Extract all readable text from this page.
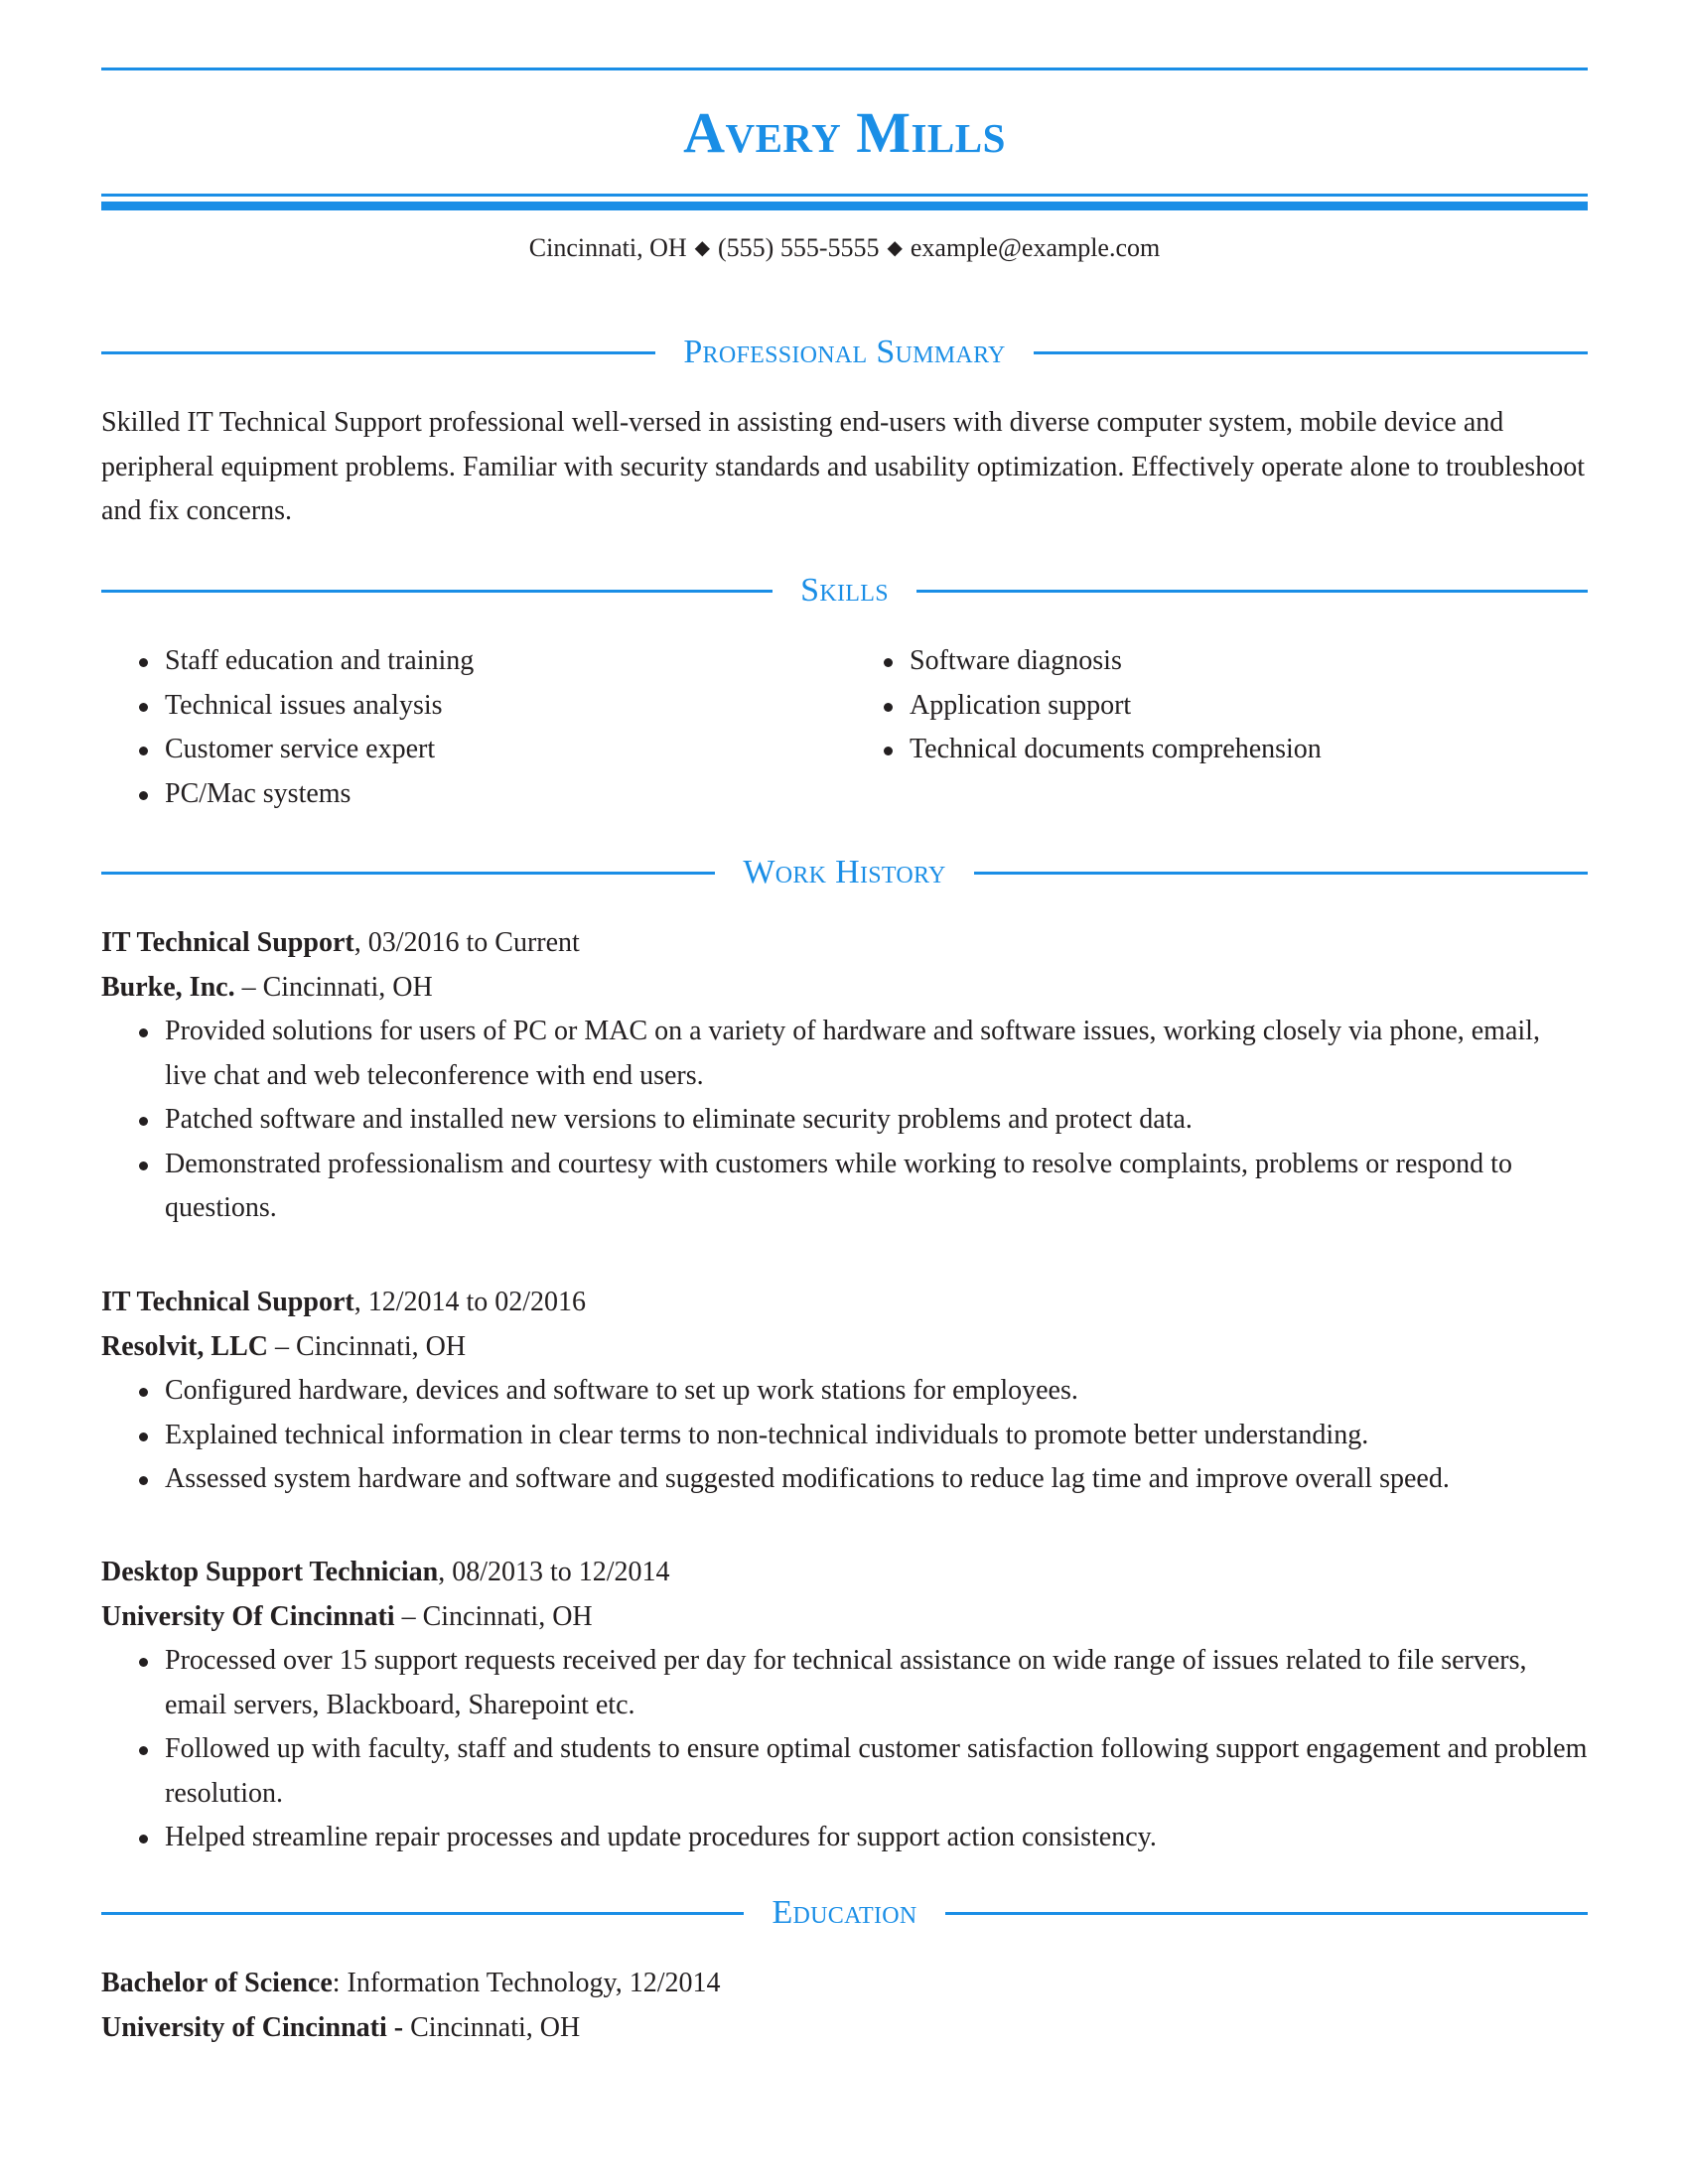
Avery Mills
Cincinnati, OH ◆ (555) 555-5555 ◆ example@example.com
Professional Summary
Skilled IT Technical Support professional well-versed in assisting end-users with diverse computer system, mobile device and peripheral equipment problems. Familiar with security standards and usability optimization. Effectively operate alone to troubleshoot and fix concerns.
Skills
Staff education and training
Technical issues analysis
Customer service expert
PC/Mac systems
Software diagnosis
Application support
Technical documents comprehension
Work History
IT Technical Support, 03/2016 to Current
Burke, Inc. – Cincinnati, OH
Provided solutions for users of PC or MAC on a variety of hardware and software issues, working closely via phone, email, live chat and web teleconference with end users.
Patched software and installed new versions to eliminate security problems and protect data.
Demonstrated professionalism and courtesy with customers while working to resolve complaints, problems or respond to questions.
IT Technical Support, 12/2014 to 02/2016
Resolvit, LLC – Cincinnati, OH
Configured hardware, devices and software to set up work stations for employees.
Explained technical information in clear terms to non-technical individuals to promote better understanding.
Assessed system hardware and software and suggested modifications to reduce lag time and improve overall speed.
Desktop Support Technician, 08/2013 to 12/2014
University Of Cincinnati – Cincinnati, OH
Processed over 15 support requests received per day for technical assistance on wide range of issues related to file servers, email servers, Blackboard, Sharepoint etc.
Followed up with faculty, staff and students to ensure optimal customer satisfaction following support engagement and problem resolution.
Helped streamline repair processes and update procedures for support action consistency.
Education
Bachelor of Science: Information Technology, 12/2014
University of Cincinnati - Cincinnati, OH
